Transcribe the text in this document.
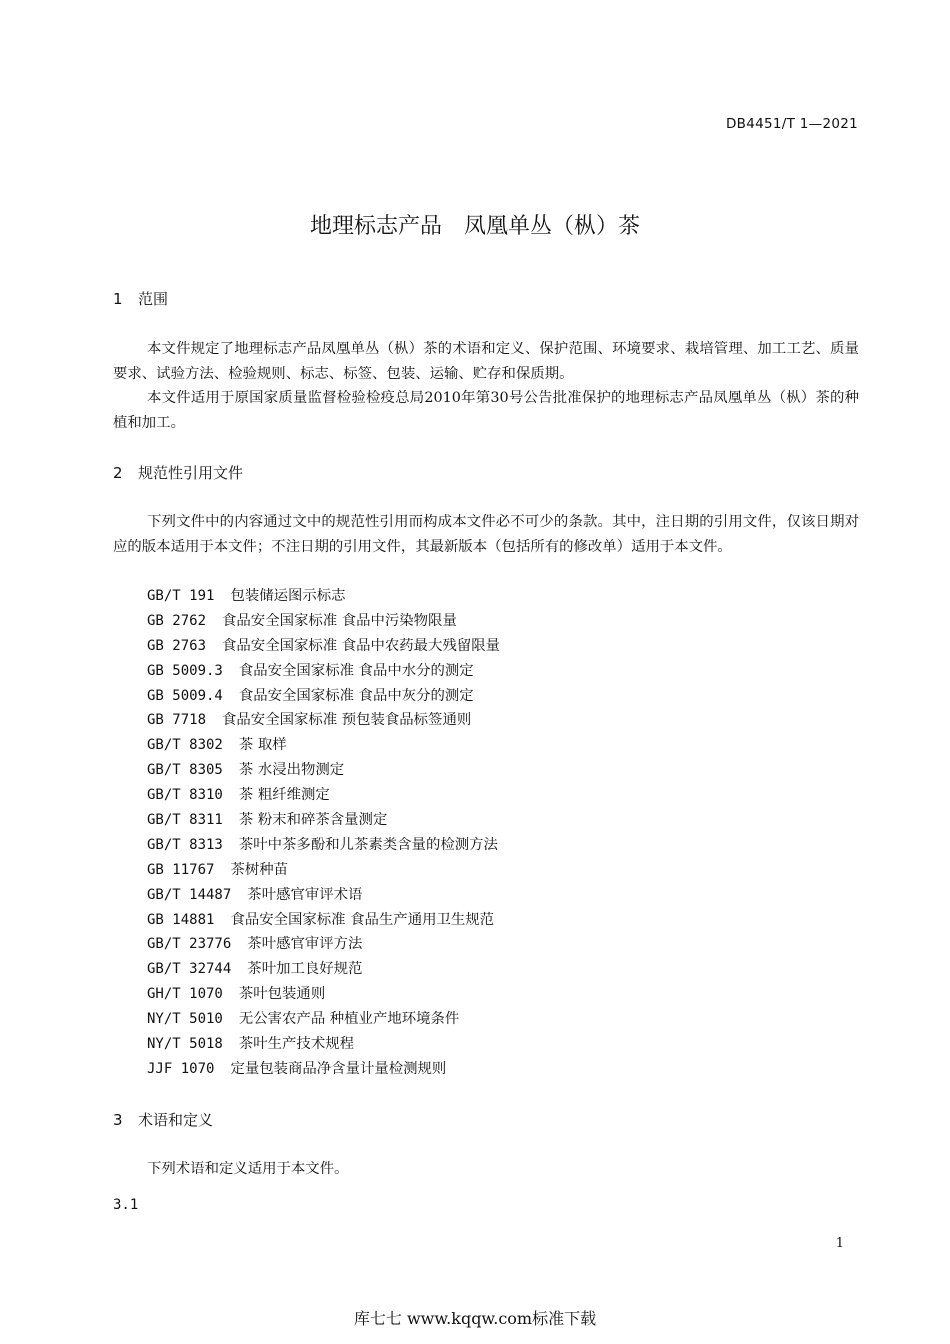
DB4451/T 1—2021
地理标志产品　凤凰单丛（枞）茶
1 范围

本文件规定了地理标志产品凤凰单丛（枞）茶的术语和定义、保护范围、环境要求、栽培管理、加工工艺、质量要求、试验方法、检验规则、标志、标签、包装、运输、贮存和保质期。

本文件适用于原国家质量监督检验检疫总局2010年第30号公告批准保护的地理标志产品凤凰单丛（枞）茶的种植和加工。

2 规范性引用文件

下列文件中的内容通过文中的规范性引用而构成本文件必不可少的条款。其中，注日期的引用文件，仅该日期对应的版本适用于本文件；不注日期的引用文件，其最新版本（包括所有的修改单）适用于本文件。

GB/T 191 包装储运图示标志
GB 2762 食品安全国家标准 食品中污染物限量
GB 2763 食品安全国家标准 食品中农药最大残留限量
GB 5009.3 食品安全国家标准 食品中水分的测定
GB 5009.4 食品安全国家标准 食品中灰分的测定
GB 7718 食品安全国家标准 预包装食品标签通则
GB/T 8302 茶 取样
GB/T 8305 茶 水浸出物测定
GB/T 8310 茶 粗纤维测定
GB/T 8311 茶 粉末和碎茶含量测定
GB/T 8313 茶叶中茶多酚和儿茶素类含量的检测方法
GB 11767 茶树种苗
GB/T 14487 茶叶感官审评术语
GB 14881 食品安全国家标准 食品生产通用卫生规范
GB/T 23776 茶叶感官审评方法
GB/T 32744 茶叶加工良好规范
GH/T 1070 茶叶包装通则
NY/T 5010 无公害农产品 种植业产地环境条件
NY/T 5018 茶叶生产技术规程
JJF 1070 定量包装商品净含量计量检测规则
3 术语和定义

下列术语和定义适用于本文件。

3.1
1
库七七 www.kqqw.com标准下载
